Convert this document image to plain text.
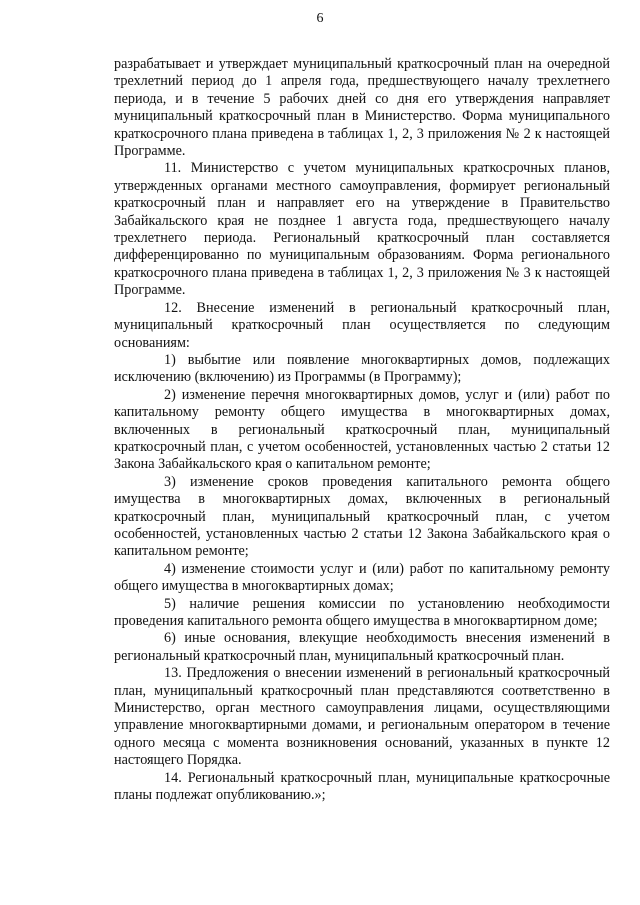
6

разрабатывает и утверждает муниципальный краткосрочный план на очередной трехлетний период до 1 апреля года, предшествующего началу трехлетнего периода, и в течение 5 рабочих дней со дня его утверждения направляет муниципальный краткосрочный план в Министерство. Форма муниципального краткосрочного плана приведена в таблицах 1, 2, 3 приложения № 2 к настоящей Программе.

11. Министерство с учетом муниципальных краткосрочных планов, утвержденных органами местного самоуправления, формирует региональный краткосрочный план и направляет его на утверждение в Правительство Забайкальского края не позднее 1 августа года, предшествующего началу трехлетнего периода. Региональный краткосрочный план составляется дифференцированно по муниципальным образованиям. Форма регионального краткосрочного плана приведена в таблицах 1, 2, 3 приложения № 3 к настоящей Программе.

12. Внесение изменений в региональный краткосрочный план, муниципальный краткосрочный план осуществляется по следующим основаниям:

1) выбытие или появление многоквартирных домов, подлежащих исключению (включению) из Программы (в Программу);

2) изменение перечня многоквартирных домов, услуг и (или) работ по капитальному ремонту общего имущества в многоквартирных домах, включенных в региональный краткосрочный план, муниципальный краткосрочный план, с учетом особенностей, установленных частью 2 статьи 12 Закона Забайкальского края о капитальном ремонте;

3) изменение сроков проведения капитального ремонта общего имущества в многоквартирных домах, включенных в региональный краткосрочный план, муниципальный краткосрочный план, с учетом особенностей, установленных частью 2 статьи 12 Закона Забайкальского края о капитальном ремонте;

4) изменение стоимости услуг и (или) работ по капитальному ремонту общего имущества в многоквартирных домах;

5) наличие решения комиссии по установлению необходимости проведения капитального ремонта общего имущества в многоквартирном доме;

6) иные основания, влекущие необходимость внесения изменений в региональный краткосрочный план, муниципальный краткосрочный план.

13. Предложения о внесении изменений в региональный краткосрочный план, муниципальный краткосрочный план представляются соответственно в Министерство, орган местного самоуправления лицами, осуществляющими управление многоквартирными домами, и региональным оператором в течение одного месяца с момента возникновения оснований, указанных в пункте 12 настоящего Порядка.

14. Региональный краткосрочный план, муниципальные краткосрочные планы подлежат опубликованию.»;
